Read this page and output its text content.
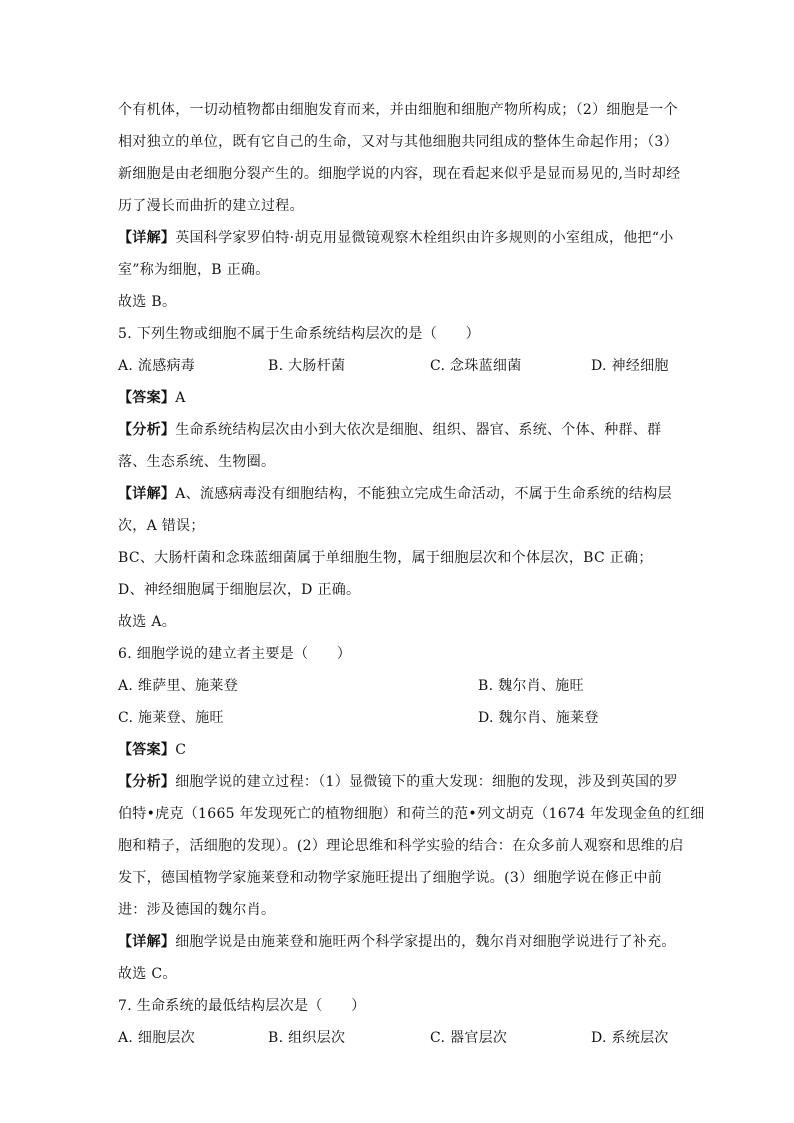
个有机体，一切动植物都由细胞发育而来，并由细胞和细胞产物所构成；（2）细胞是一个
相对独立的单位，既有它自己的生命，又对与其他细胞共同组成的整体生命起作用；（3）
新细胞是由老细胞分裂产生的。细胞学说的内容，现在看起来似乎是显而易见的,当时却经
历了漫长而曲折的建立过程。
【详解】英国科学家罗伯特·胡克用显微镜观察木栓组织由许多规则的小室组成，他把“小
室”称为细胞，B 正确。
故选 B。
5. 下列生物或细胞不属于生命系统结构层次的是（　　）
A. 流感病毒	B. 大肠杆菌	C. 念珠蓝细菌	D. 神经细胞
【答案】A
【分析】生命系统结构层次由小到大依次是细胞、组织、器官、系统、个体、种群、群
落、生态系统、生物圈。
【详解】A、流感病毒没有细胞结构，不能独立完成生命活动，不属于生命系统的结构层
次，A 错误；
BC、大肠杆菌和念珠蓝细菌属于单细胞生物，属于细胞层次和个体层次，BC 正确；
D、神经细胞属于细胞层次，D 正确。
故选 A。
6. 细胞学说的建立者主要是（　　）
A. 维萨里、施莱登	B. 魏尔肖、施旺
C. 施莱登、施旺	D. 魏尔肖、施莱登
【答案】C
【分析】细胞学说的建立过程：（1）显微镜下的重大发现：细胞的发现，涉及到英国的罗
伯特•虎克（1665 年发现死亡的植物细胞）和荷兰的范•列文胡克（1674 年发现金鱼的红细
胞和精子，活细胞的发现）。(2）理论思维和科学实验的结合：在众多前人观察和思维的启
发下，德国植物学家施莱登和动物学家施旺提出了细胞学说。(3）细胞学说在修正中前
进：涉及德国的魏尔肖。
【详解】细胞学说是由施莱登和施旺两个科学家提出的，魏尔肖对细胞学说进行了补充。
故选 C。
7. 生命系统的最低结构层次是（　　）
A. 细胞层次	B. 组织层次	C. 器官层次	D. 系统层次
